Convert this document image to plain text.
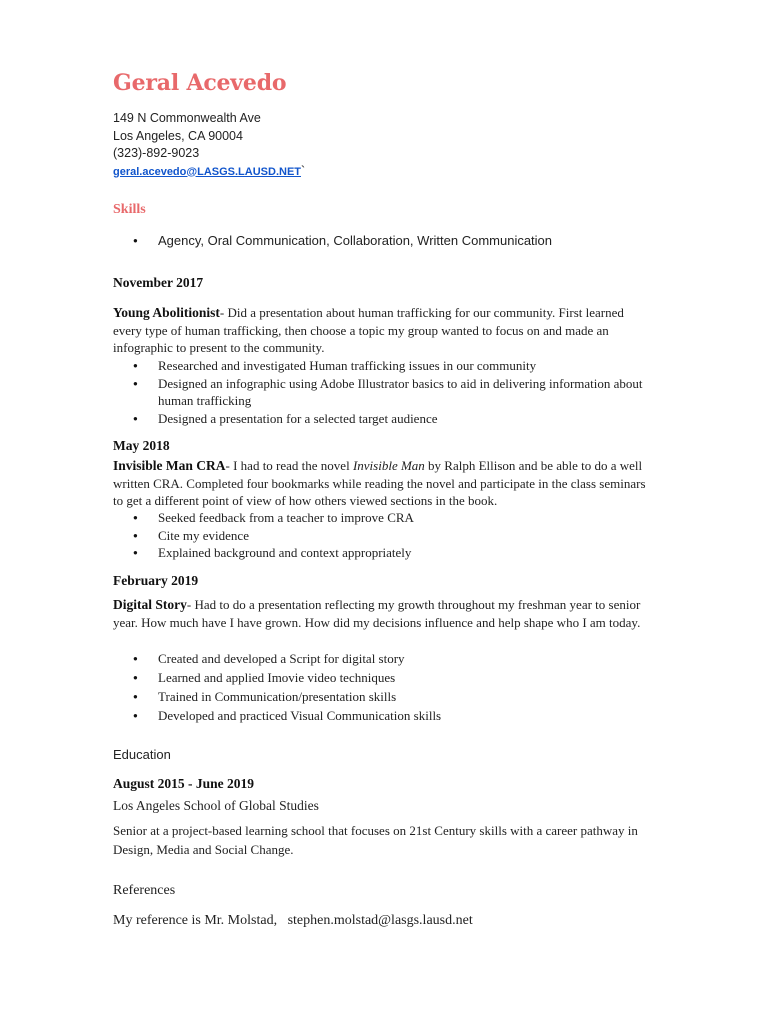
Geral Acevedo
149 N Commonwealth Ave
Los Angeles, CA 90004
(323)-892-9023
geral.acevedo@LASGS.LAUSD.NET`
Skills
● Agency, Oral Communication, Collaboration, Written Communication
November 2017
Young Abolitionist- Did a presentation about human trafficking for our community. First learned every type of human trafficking, then choose a topic my group wanted to focus on and made an infographic to present to the community.
● Researched and investigated Human trafficking issues in our community
● Designed an infographic using Adobe Illustrator basics to aid in delivering information about human trafficking
● Designed a presentation for a selected target audience
May 2018
Invisible Man CRA- I had to read the novel Invisible Man by Ralph Ellison and be able to do a well written CRA. Completed four bookmarks while reading the novel and participate in the class seminars to get a different point of view of how others viewed sections in the book.
● Seeked feedback from a teacher to improve CRA
● Cite my evidence
● Explained background and context appropriately
February 2019
Digital Story- Had to do a presentation reflecting my growth throughout my freshman year to senior year. How much have I have grown. How did my decisions influence and help shape who I am today.
● Created and developed a Script for digital story
● Learned and applied Imovie video techniques
● Trained in Communication/presentation skills
● Developed and practiced Visual Communication skills
Education
August 2015 - June 2019
Los Angeles School of Global Studies
Senior at a project-based learning school that focuses on 21st Century skills with a career pathway in Design, Media and Social Change.
References
My reference is Mr. Molstad,   stephen.molstad@lasgs.lausd.net
